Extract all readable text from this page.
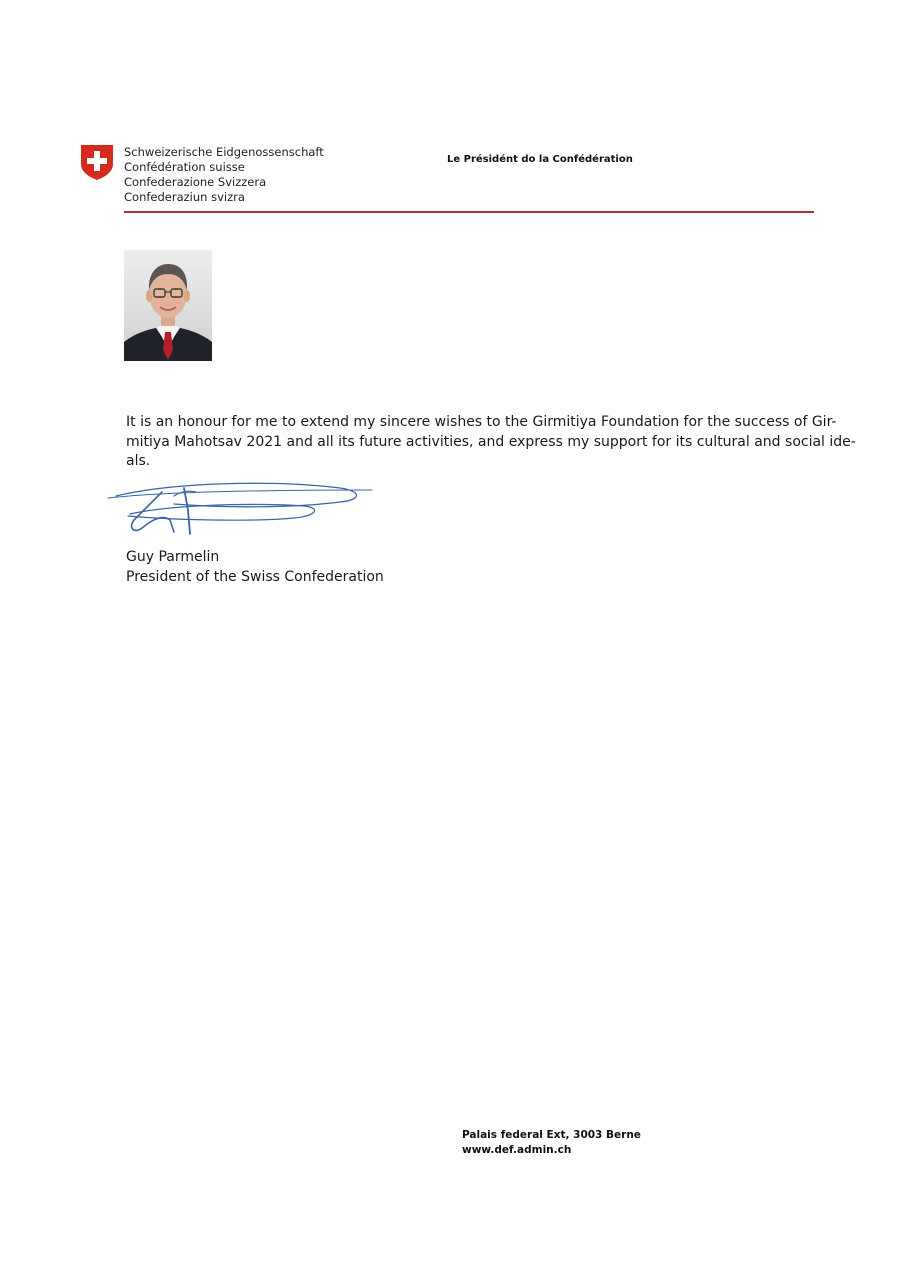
Schweizerische Eidgenossenschaft
Confédération suisse
Confederazione Svizzera
Confederaziun svizra
Le Présidént do la Confédération
It is an honour for me to extend my sincere wishes to the Girmitiya Foundation for the success of Gir-
mitiya Mahotsav 2021 and all its future activities, and express my support for its cultural and social ide-
als.
Guy Parmelin
President of the Swiss Confederation
Palais federal Ext, 3003 Berne
www.def.admin.ch
